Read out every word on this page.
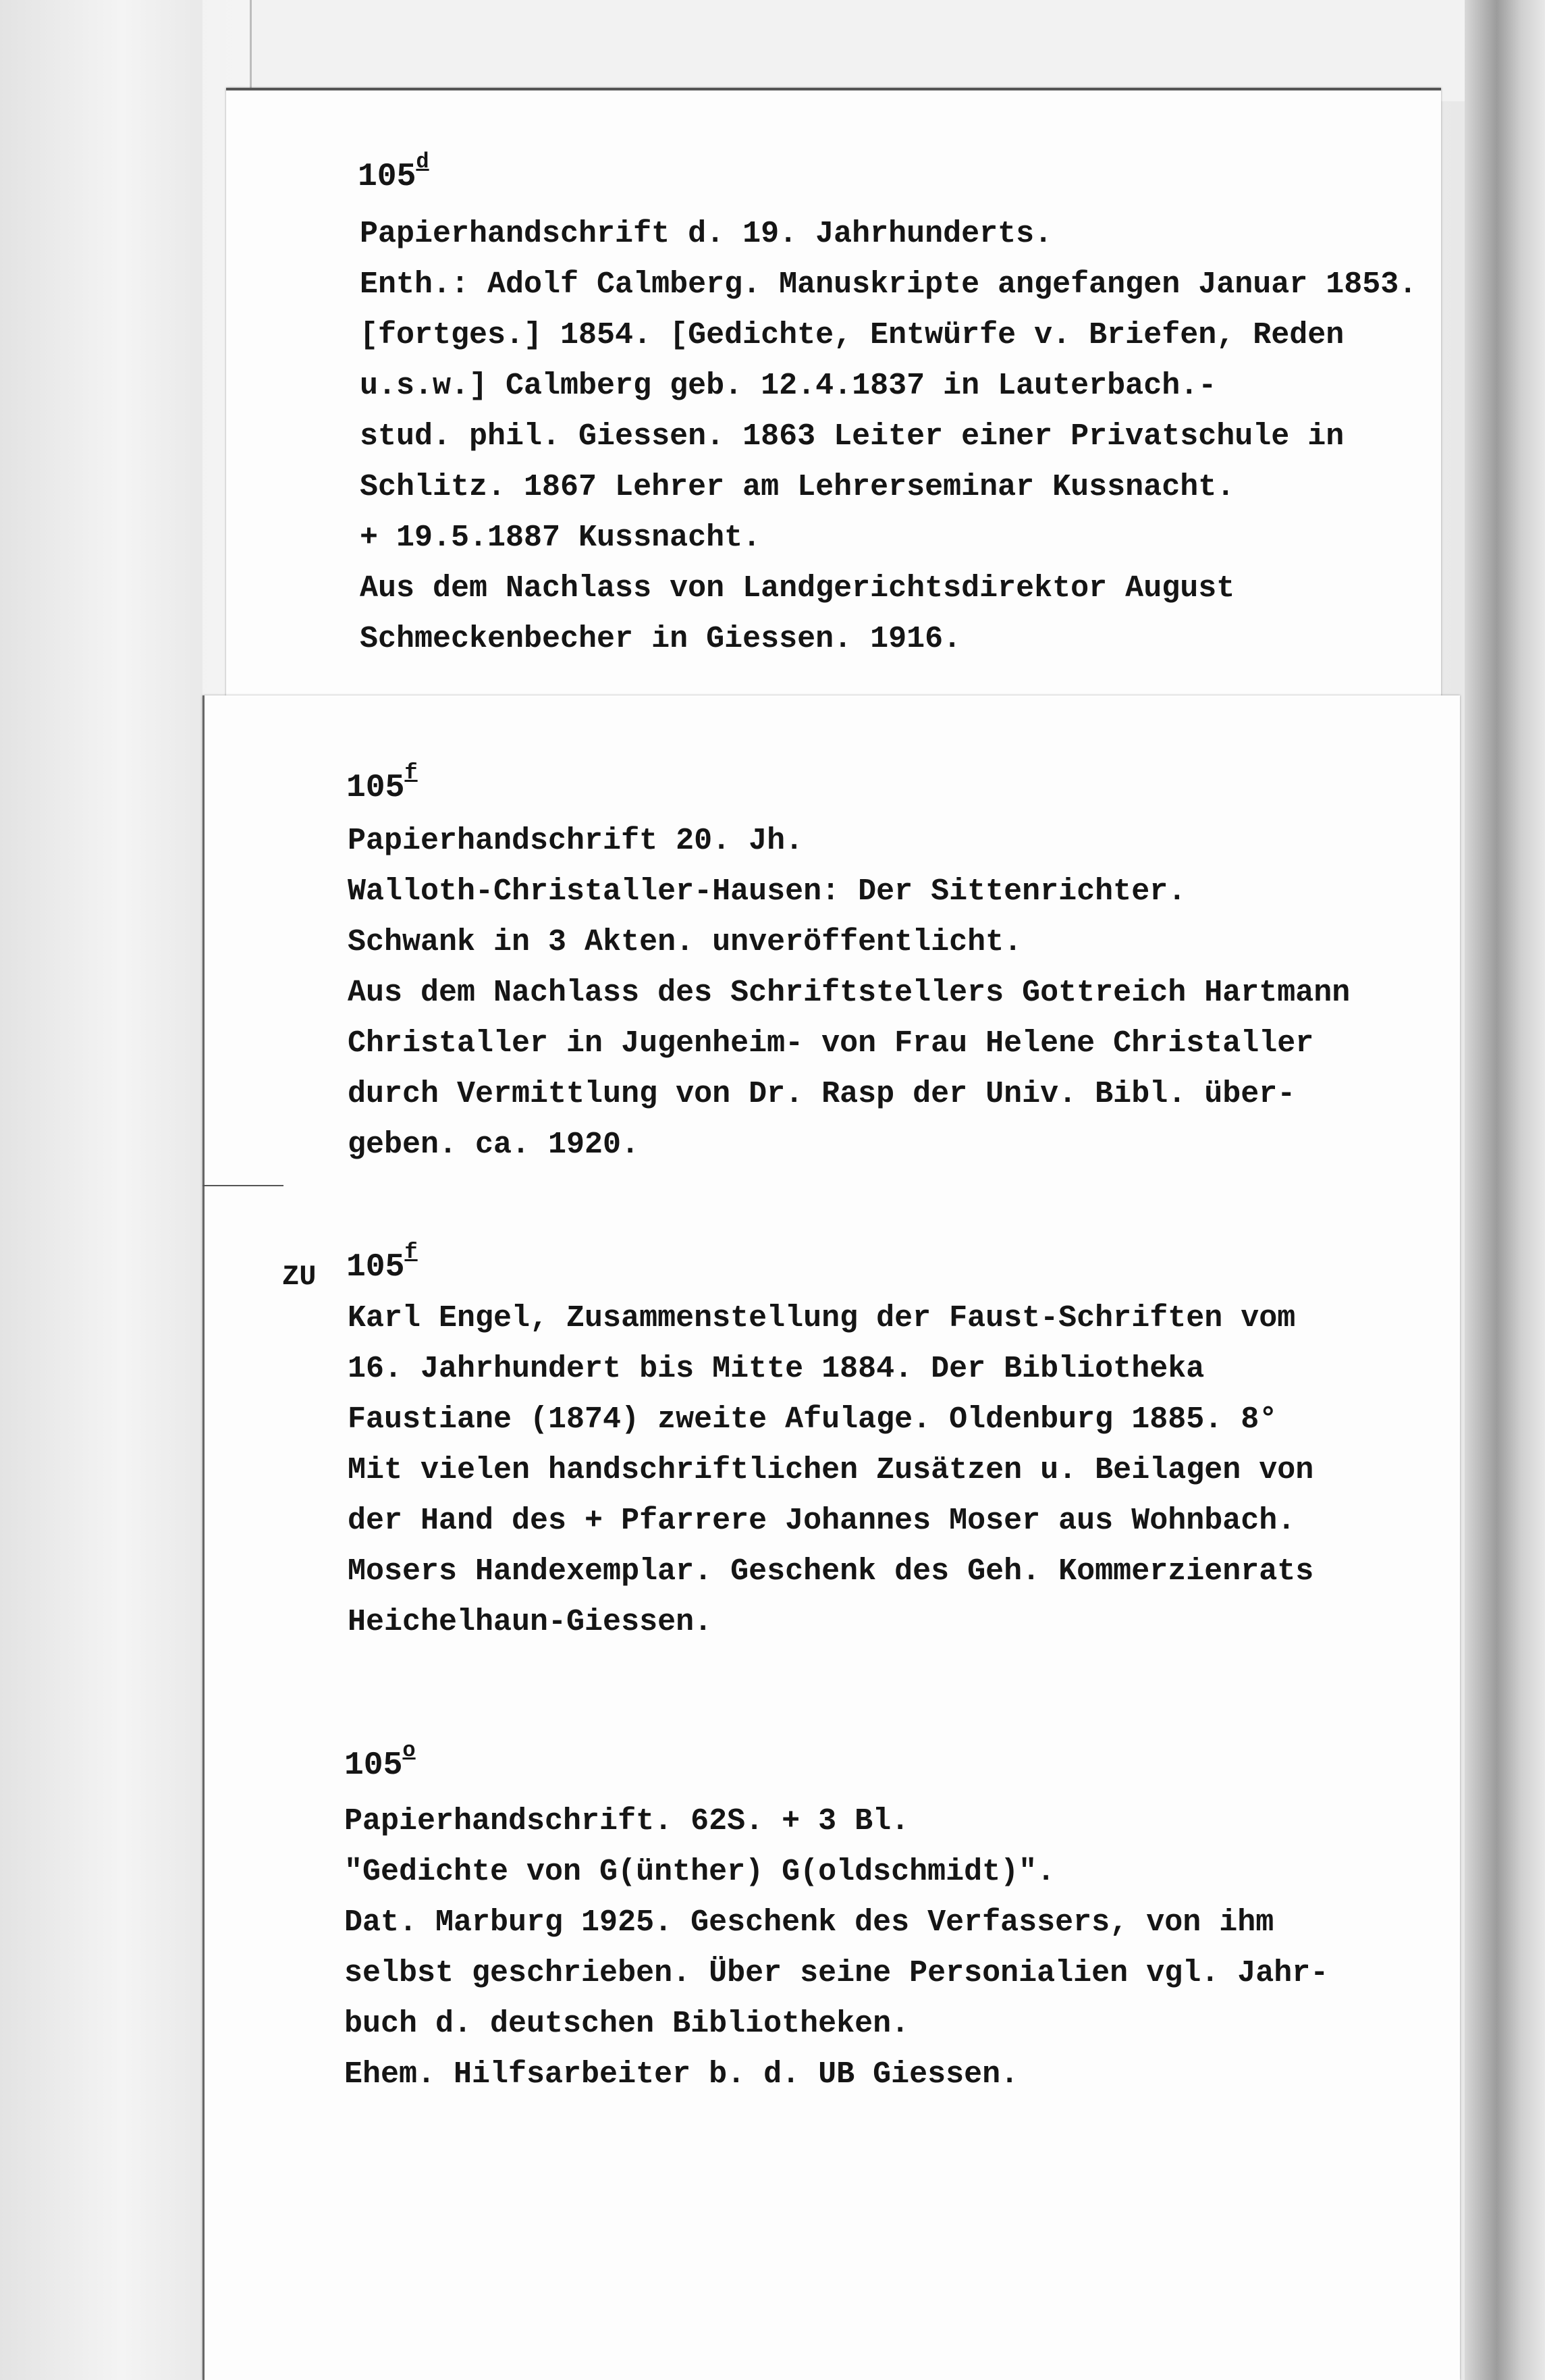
105$^d$
Papierhandschrift d. 19. Jahrhunderts.
Enth.: Adolf Calmberg. Manuskripte angefangen Januar 1853.
[fortges.] 1854. [Gedichte, Entwürfe v. Briefen, Reden
u.s.w.] Calmberg geb. 12.4.1837 in Lauterbach.-
stud. phil. Giessen. 1863 Leiter einer Privatschule in
Schlitz. 1867 Lehrer am Lehrerseminar Kussnacht.
+ 19.5.1887 Kussnacht.
Aus dem Nachlass von Landgerichtsdirektor August
Schmeckenbecher in Giessen. 1916.
105$^f$
Papierhandschrift 20. Jh.
Walloth-Christaller-Hausen: Der Sittenrichter.
Schwank in 3 Akten. unveröffentlicht.
Aus dem Nachlass des Schriftstellers Gottreich Hartmann
Christaller in Jugenheim- von Frau Helene Christaller
durch Vermittlung von Dr. Rasp der Univ. Bibl. über-
geben. ca. 1920.
ZU 105$^f$
Karl Engel, Zusammenstellung der Faust-Schriften vom
16. Jahrhundert bis Mitte 1884. Der Bibliotheka
Faustiane (1874) zweite Afulage. Oldenburg 1885. 8°
Mit vielen handschriftlichen Zusätzen u. Beilagen von
der Hand des + Pfarrere Johannes Moser aus Wohnbach.
Mosers Handexemplar. Geschenk des Geh. Kommerzienrats
Heichelhaun-Giessen.
105$^o$
Papierhandschrift. 62S. + 3 Bl.
"Gedichte von G(ünther) G(oldschmidt)".
Dat. Marburg 1925. Geschenk des Verfassers, von ihm
selbst geschrieben. Über seine Personialien vgl. Jahr-
buch d. deutschen Bibliotheken.
Ehem. Hilfsarbeiter b. d. UB Giessen.
